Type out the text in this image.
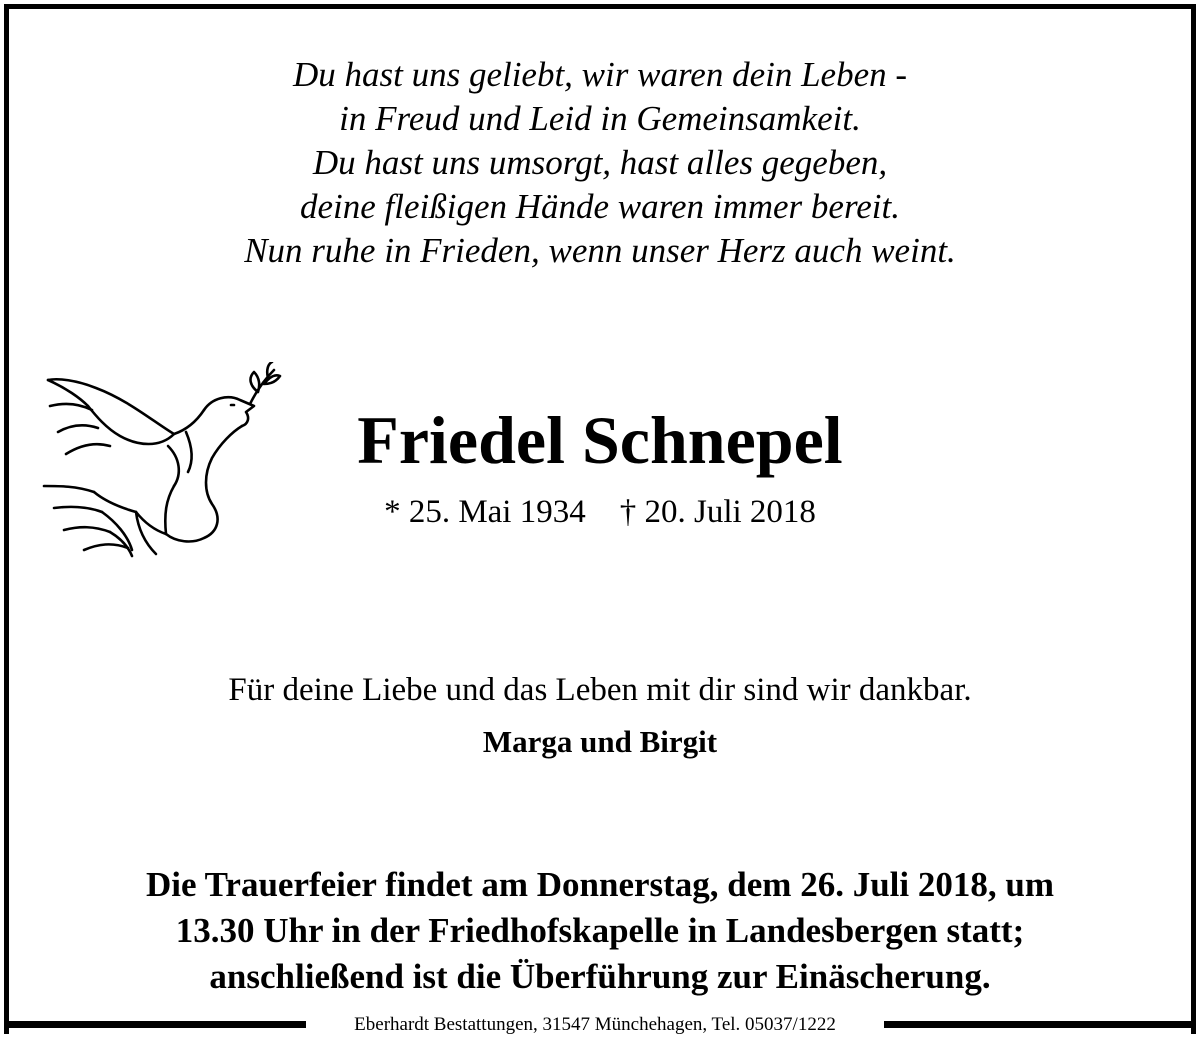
Du hast uns geliebt, wir waren dein Leben -
in Freud und Leid in Gemeinsamkeit.
Du hast uns umsorgt, hast alles gegeben,
deine fleißigen Hände waren immer bereit.
Nun ruhe in Frieden, wenn unser Herz auch weint.
Friedel Schnepel
* 25. Mai 1934 † 20. Juli 2018
Für deine Liebe und das Leben mit dir sind wir dankbar.
Marga und Birgit
Die Trauerfeier findet am Donnerstag, dem 26. Juli 2018, um
13.30 Uhr in der Friedhofskapelle in Landesbergen statt;
anschließend ist die Überführung zur Einäscherung.
Eberhardt Bestattungen, 31547 Münchehagen, Tel. 05037/1222
